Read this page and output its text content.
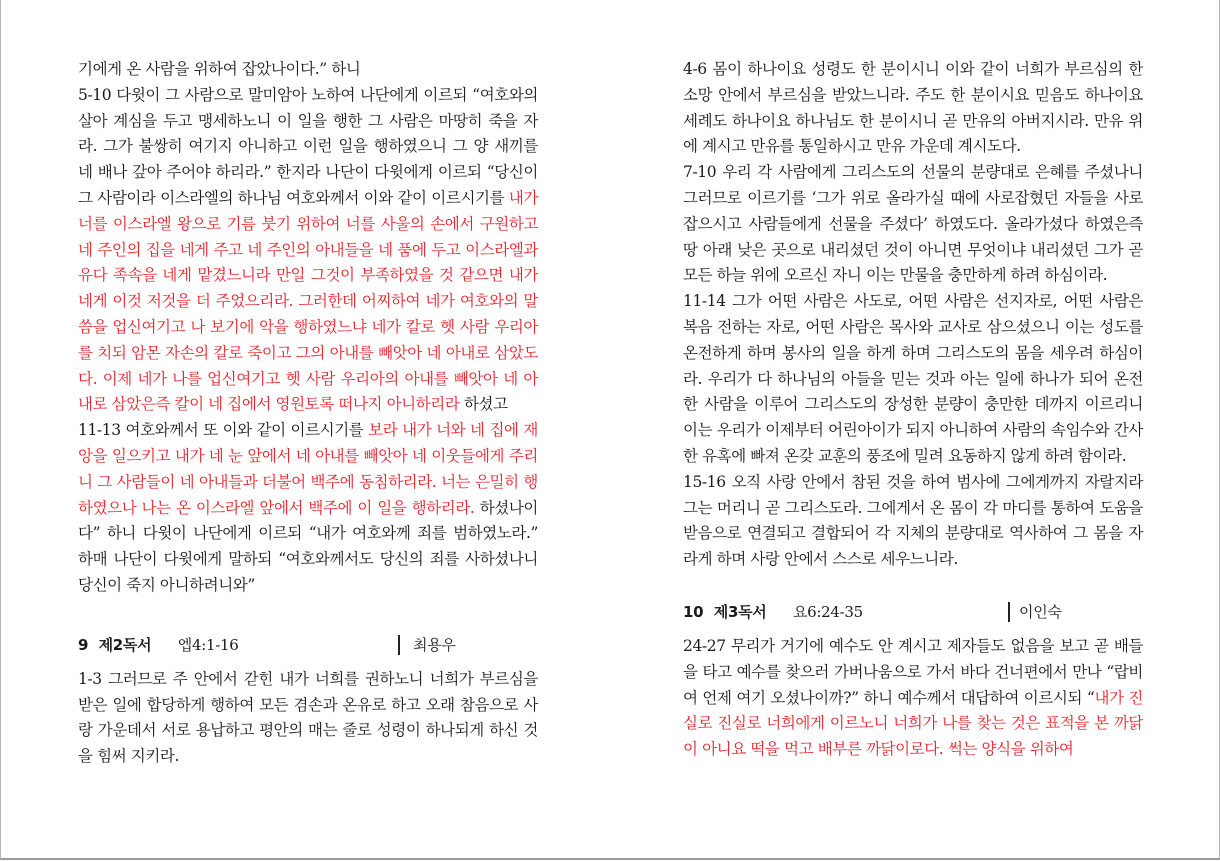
기에게 온 사람을 위하여 잡았나이다.” 하니

5-10 다윗이 그 사람으로 말미암아 노하여 나단에게 이르되 “여호와의 살아 계심을 두고 맹세하노니 이 일을 행한 그 사람은 마땅히 죽을 자라. 그가 불쌍히 여기지 아니하고 이런 일을 행하였으니 그 양 새끼를 네 배나 갚아 주어야 하리라.” 한지라 나단이 다윗에게 이르되 “당신이 그 사람이라 이스라엘의 하나님 여호와께서 이와 같이 이르시기를 내가 너를 이스라엘 왕으로 기름 붓기 위하여 너를 사울의 손에서 구원하고 네 주인의 집을 네게 주고 네 주인의 아내들을 네 품에 두고 이스라엘과 유다 족속을 네게 맡겼느니라 만일 그것이 부족하였을 것 같으면 내가 네게 이것 저것을 더 주었으리라. 그러한데 어찌하여 네가 여호와의 말씀을 업신여기고 나 보기에 악을 행하였느냐 네가 칼로 헷 사람 우리아를 치되 암몬 자손의 칼로 죽이고 그의 아내를 빼앗아 네 아내로 삼았도다. 이제 네가 나를 업신여기고 헷 사람 우리아의 아내를 빼앗아 네 아내로 삼았은즉 칼이 네 집에서 영원토록 떠나지 아니하리라 하셨고

11-13 여호와께서 또 이와 같이 이르시기를 보라 내가 너와 네 집에 재앙을 일으키고 내가 네 눈 앞에서 네 아내를 빼앗아 네 이웃들에게 주리니 그 사람들이 네 아내들과 더불어 백주에 동침하리라. 너는 은밀히 행하였으나 나는 온 이스라엘 앞에서 백주에 이 일을 행하리라. 하셨나이다” 하니 다윗이 나단에게 이르되 “내가 여호와께 죄를 범하였노라.” 하매 나단이 다윗에게 말하되 “여호와께서도 당신의 죄를 사하셨나니 당신이 죽지 아니하려니와”

9 제2독서 엡4:1-16	최용우

1-3 그러므로 주 안에서 갇힌 내가 너희를 권하노니 너희가 부르심을 받은 일에 합당하게 행하여 모든 겸손과 온유로 하고 오래 참음으로 사랑 가운데서 서로 용납하고 평안의 매는 줄로 성령이 하나되게 하신 것을 힘써 지키라.

4-6 몸이 하나이요 성령도 한 분이시니 이와 같이 너희가 부르심의 한 소망 안에서 부르심을 받았느니라. 주도 한 분이시요 믿음도 하나이요 세례도 하나이요 하나님도 한 분이시니 곧 만유의 아버지시라. 만유 위에 계시고 만유를 통일하시고 만유 가운데 계시도다.

7-10 우리 각 사람에게 그리스도의 선물의 분량대로 은혜를 주셨나니 그러므로 이르기를 ‘그가 위로 올라가실 때에 사로잡혔던 자들을 사로잡으시고 사람들에게 선물을 주셨다’ 하였도다. 올라가셨다 하였은즉 땅 아래 낮은 곳으로 내리셨던 것이 아니면 무엇이냐 내리셨던 그가 곧 모든 하늘 위에 오르신 자니 이는 만물을 충만하게 하려 하심이라.

11-14 그가 어떤 사람은 사도로, 어떤 사람은 선지자로, 어떤 사람은 복음 전하는 자로, 어떤 사람은 목사와 교사로 삼으셨으니 이는 성도를 온전하게 하며 봉사의 일을 하게 하며 그리스도의 몸을 세우려 하심이라. 우리가 다 하나님의 아들을 믿는 것과 아는 일에 하나가 되어 온전한 사람을 이루어 그리스도의 장성한 분량이 충만한 데까지 이르리니 이는 우리가 이제부터 어린아이가 되지 아니하여 사람의 속임수와 간사한 유혹에 빠져 온갖 교훈의 풍조에 밀려 요동하지 않게 하려 함이라.

15-16 오직 사랑 안에서 참된 것을 하여 범사에 그에게까지 자랄지라 그는 머리니 곧 그리스도라. 그에게서 온 몸이 각 마디를 통하여 도움을 받음으로 연결되고 결합되어 각 지체의 분량대로 역사하여 그 몸을 자라게 하며 사랑 안에서 스스로 세우느니라.

10 제3독서 요6:24-35	이인숙

24-27 무리가 거기에 예수도 안 계시고 제자들도 없음을 보고 곧 배들을 타고 예수를 찾으러 가버나움으로 가서 바다 건너편에서 만나 “랍비여 언제 여기 오셨나이까?” 하니 예수께서 대답하여 이르시되 “내가 진실로 진실로 너희에게 이르노니 너희가 나를 찾는 것은 표적을 본 까닭이 아니요 떡을 먹고 배부른 까닭이로다. 썩는 양식을 위하여
